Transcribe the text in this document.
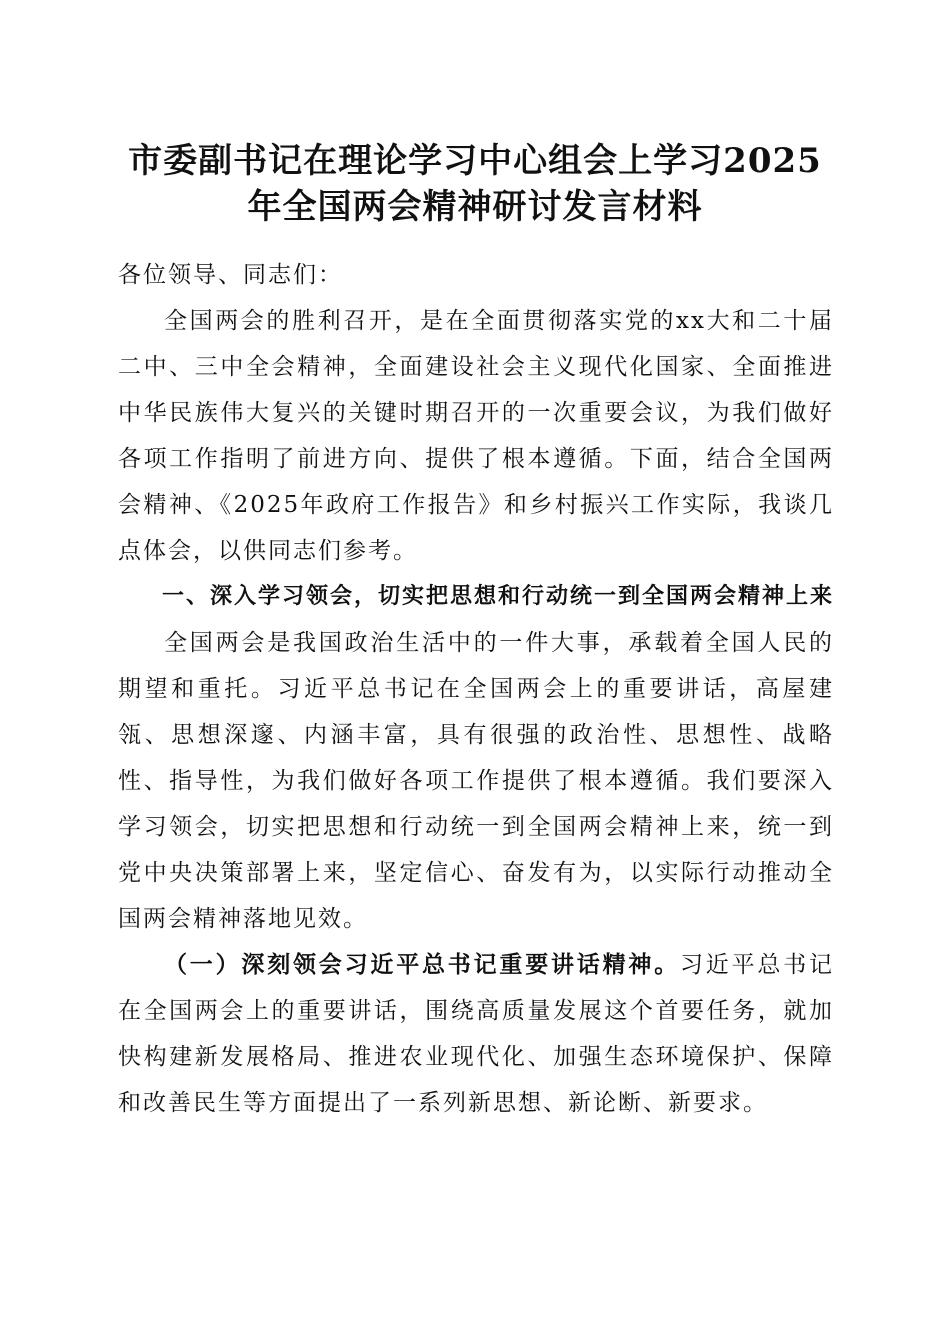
市委副书记在理论学习中心组会上学习2025
年全国两会精神研讨发言材料

各位领导、同志们：

全国两会的胜利召开，是在全面贯彻落实党的xx大和二十届二中、三中全会精神，全面建设社会主义现代化国家、全面推进中华民族伟大复兴的关键时期召开的一次重要会议，为我们做好各项工作指明了前进方向、提供了根本遵循。下面，结合全国两会精神、《2025年政府工作报告》和乡村振兴工作实际，我谈几点体会，以供同志们参考。

一、深入学习领会，切实把思想和行动统一到全国两会精神上来

全国两会是我国政治生活中的一件大事，承载着全国人民的期望和重托。习近平总书记在全国两会上的重要讲话，高屋建瓴、思想深邃、内涵丰富，具有很强的政治性、思想性、战略性、指导性，为我们做好各项工作提供了根本遵循。我们要深入学习领会，切实把思想和行动统一到全国两会精神上来，统一到党中央决策部署上来，坚定信心、奋发有为，以实际行动推动全国两会精神落地见效。

（一）深刻领会习近平总书记重要讲话精神。习近平总书记在全国两会上的重要讲话，围绕高质量发展这个首要任务，就加快构建新发展格局、推进农业现代化、加强生态环境保护、保障和改善民生等方面提出了一系列新思想、新论断、新要求。
